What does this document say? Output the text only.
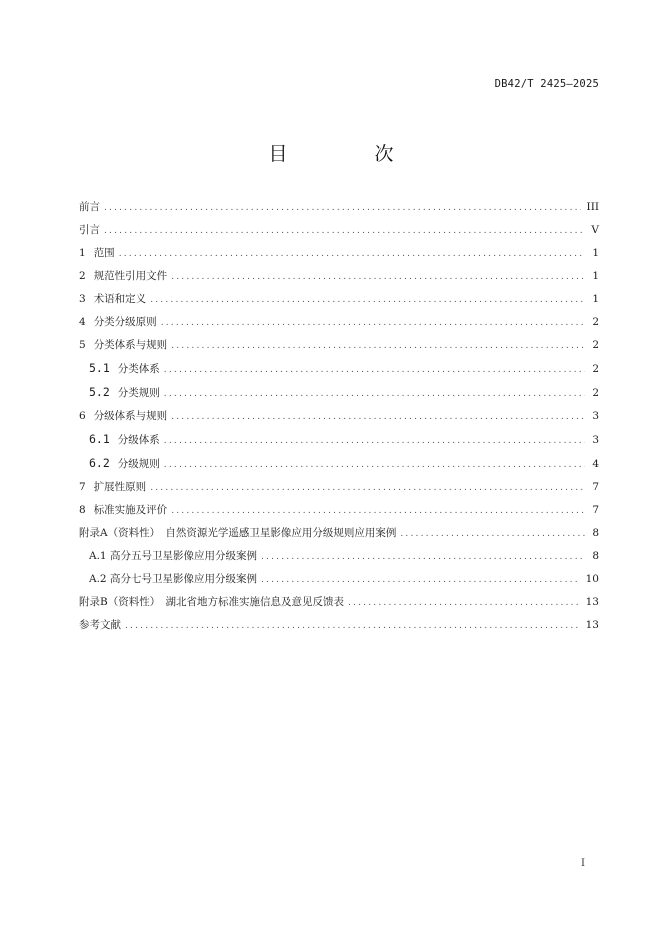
DB42/T 2425—2025
目　次
前言 .....	III
引言 .....	V
1 范围 .....	1
2 规范性引用文件 .....	1
3 术语和定义 .....	1
4 分类分级原则 .....	2
5 分类体系与规则 .....	2
5.1 分类体系 .....	2
5.2 分类规则 .....	2
6 分级体系与规则 .....	3
6.1 分级体系 .....	3
6.2 分级规则 .....	4
7 扩展性原则 .....	7
8 标准实施及评价 .....	7
附录A（资料性）　自然资源光学遥感卫星影像应用分级规则应用案例 .....	8
A.1 高分五号卫星影像应用分级案例 .....	8
A.2 高分七号卫星影像应用分级案例 .....	10
附录B（资料性）　湖北省地方标准实施信息及意见反馈表 .....	13
参考文献 .....	13
I
